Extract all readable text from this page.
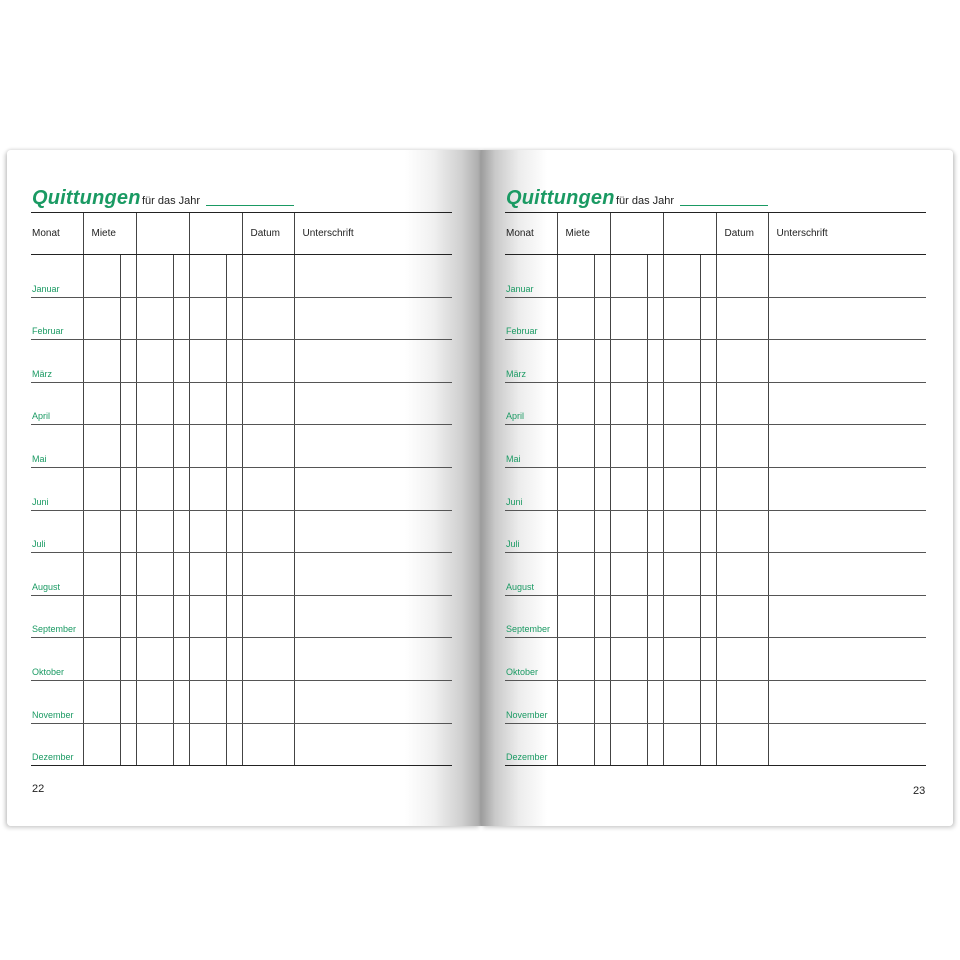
Quittungen für das Jahr
Monat	Miete						Datum	Unterschrift

Januar								

Februar								

März								

April								

Mai								

Juni								

Juli								

August								

September								

Oktober								

November								

Dezember								

22
Quittungen für das Jahr
Monat	Miete						Datum	Unterschrift

Januar								

Februar								

März								

April								

Mai								

Juni								

Juli								

August								

September								

Oktober								

November								

Dezember								

23
